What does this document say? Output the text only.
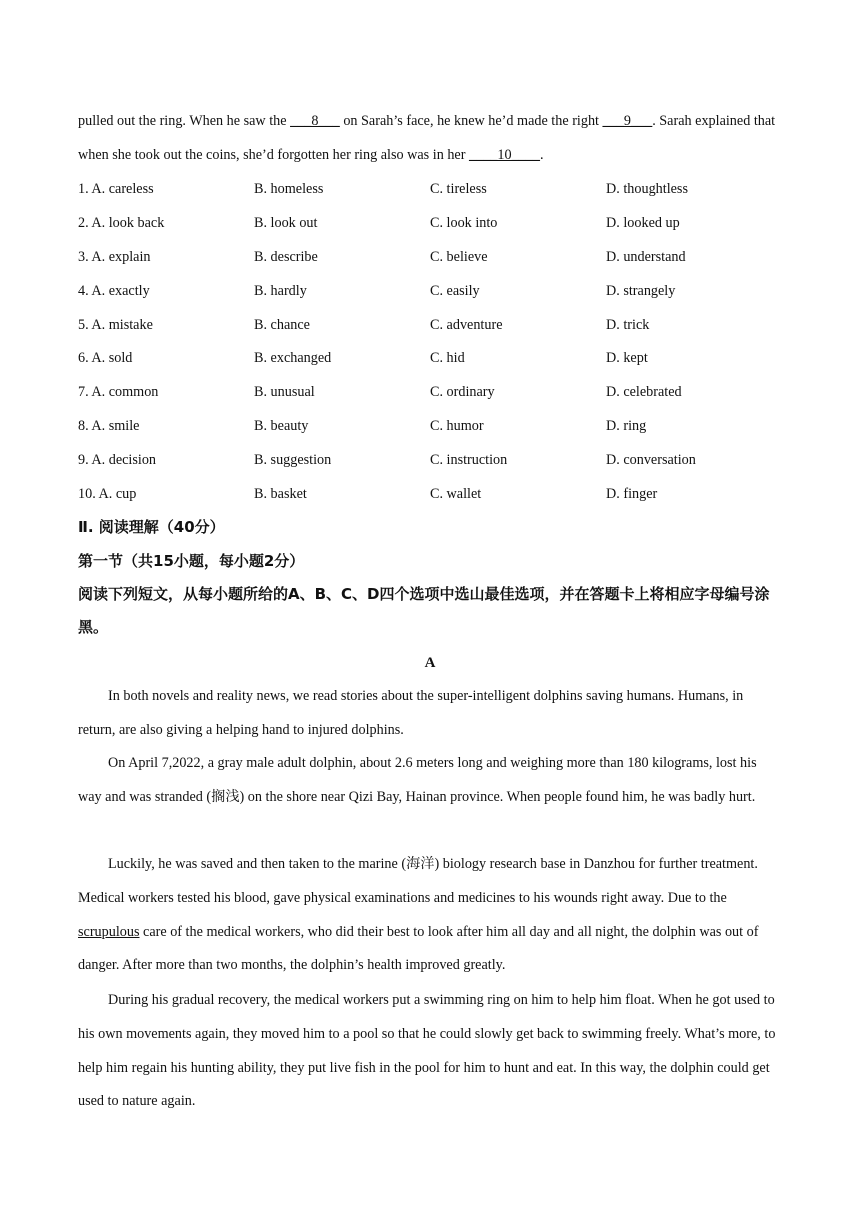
pulled out the ring. When he saw the ___8___ on Sarah’s face, he knew he’d made the right ___9___. Sarah explained that when she took out the coins, she’d forgotten her ring also was in her ____10____.

1. A. careless	B. homeless	C. tireless	D. thoughtless
2. A. look back	B. look out	C. look into	D. looked up
3. A. explain	B. describe	C. believe	D. understand
4. A. exactly	B. hardly	C. easily	D. strangely
5. A. mistake	B. chance	C. adventure	D. trick
6. A. sold	B. exchanged	C. hid	D. kept
7. A. common	B. unusual	C. ordinary	D. celebrated
8. A. smile	B. beauty	C. humor	D. ring
9. A. decision	B. suggestion	C. instruction	D. conversation
10. A. cup	B. basket	C. wallet	D. finger

Ⅱ. 阅读理解（40分）

第一节（共15小题，每小题2分）

阅读下列短文，从每小题所给的A、B、C、D四个选项中选山最佳选项，并在答题卡上将相应字母编号涂黑。

A

In both novels and reality news, we read stories about the super-intelligent dolphins saving humans. Humans, in return, are also giving a helping hand to injured dolphins.

On April 7,2022, a gray male adult dolphin, about 2.6 meters long and weighing more than 180 kilograms, lost his way and was stranded (搁浅) on the shore near Qizi Bay, Hainan province. When people found him, he was badly hurt.

Luckily, he was saved and then taken to the marine (海洋) biology research base in Danzhou for further treatment. Medical workers tested his blood, gave physical examinations and medicines to his wounds right away. Due to the scrupulous care of the medical workers, who did their best to look after him all day and all night, the dolphin was out of danger. After more than two months, the dolphin’s health improved greatly.

During his gradual recovery, the medical workers put a swimming ring on him to help him float. When he got used to his own movements again, they moved him to a pool so that he could slowly get back to swimming freely. What’s more, to help him regain his hunting ability, they put live fish in the pool for him to hunt and eat. In this way, the dolphin could get used to nature again.
